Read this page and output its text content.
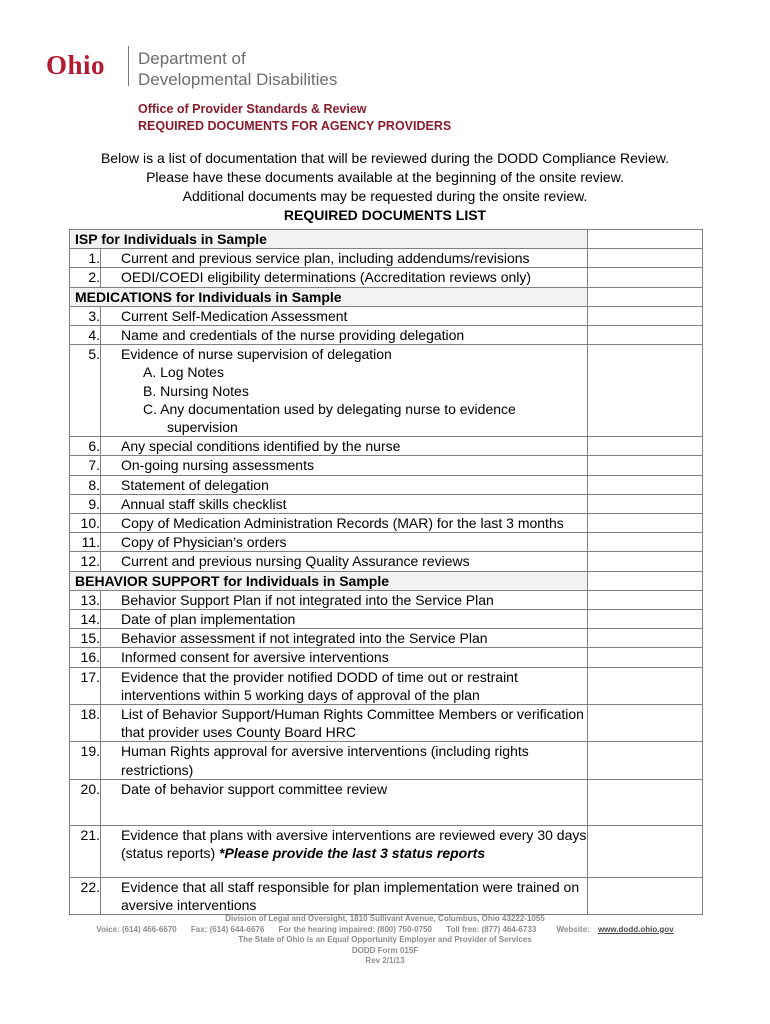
Ohio Department of
Developmental Disabilities
Office of Provider Standards & Review
REQUIRED DOCUMENTS FOR AGENCY PROVIDERS
Below is a list of documentation that will be reviewed during the DODD Compliance Review.
Please have these documents available at the beginning of the onsite review.
Additional documents may be requested during the onsite review.
REQUIRED DOCUMENTS LIST
ISP for Individuals in Sample		
1.	Current and previous service plan, including addendums/revisions	
2.	OEDI/COEDI eligibility determinations (Accreditation reviews only)	
MEDICATIONS for Individuals in Sample		
3.	Current Self-Medication Assessment	
4.	Name and credentials of the nurse providing delegation	
5.	Evidence of nurse supervision of delegation
A. Log Notes
B. Nursing Notes
C. Any documentation used by delegating nurse to evidence
supervision	

6.	Any special conditions identified by the nurse	
7.	On-going nursing assessments	
8.	Statement of delegation	
9.	Annual staff skills checklist	
10.	Copy of Medication Administration Records (MAR) for the last 3 months	
11.	Copy of Physician’s orders	
12.	Current and previous nursing Quality Assurance reviews	
BEHAVIOR SUPPORT for Individuals in Sample		
13.	Behavior Support Plan if not integrated into the Service Plan	
14.	Date of plan implementation	
15.	Behavior assessment if not integrated into the Service Plan	
16.	Informed consent for aversive interventions	
17.	Evidence that the provider notified DODD of time out or restraint interventions within 5 working days of approval of the plan	
18.	List of Behavior Support/Human Rights Committee Members or verification that provider uses County Board HRC	
19.	Human Rights approval for aversive interventions (including rights restrictions)	
20.	Date of behavior support committee review	
21.	Evidence that plans with aversive interventions are reviewed every 30 days (status reports) *Please provide the last 3 status reports	
22.	Evidence that all staff responsible for plan implementation were trained on aversive interventions	
Division of Legal and Oversight, 1810 Sullivant Avenue, Columbus, Ohio 43222-1055
Voice: (614) 466-6670 Fax: (614) 644-6676 For the hearing impaired: (800) 750-0750 Toll free: (877) 464-6733	Website: www.dodd.ohio.gov
The State of Ohio is an Equal Opportunity Employer and Provider of Services
DODD Form 015F
Rev 2/1/13
